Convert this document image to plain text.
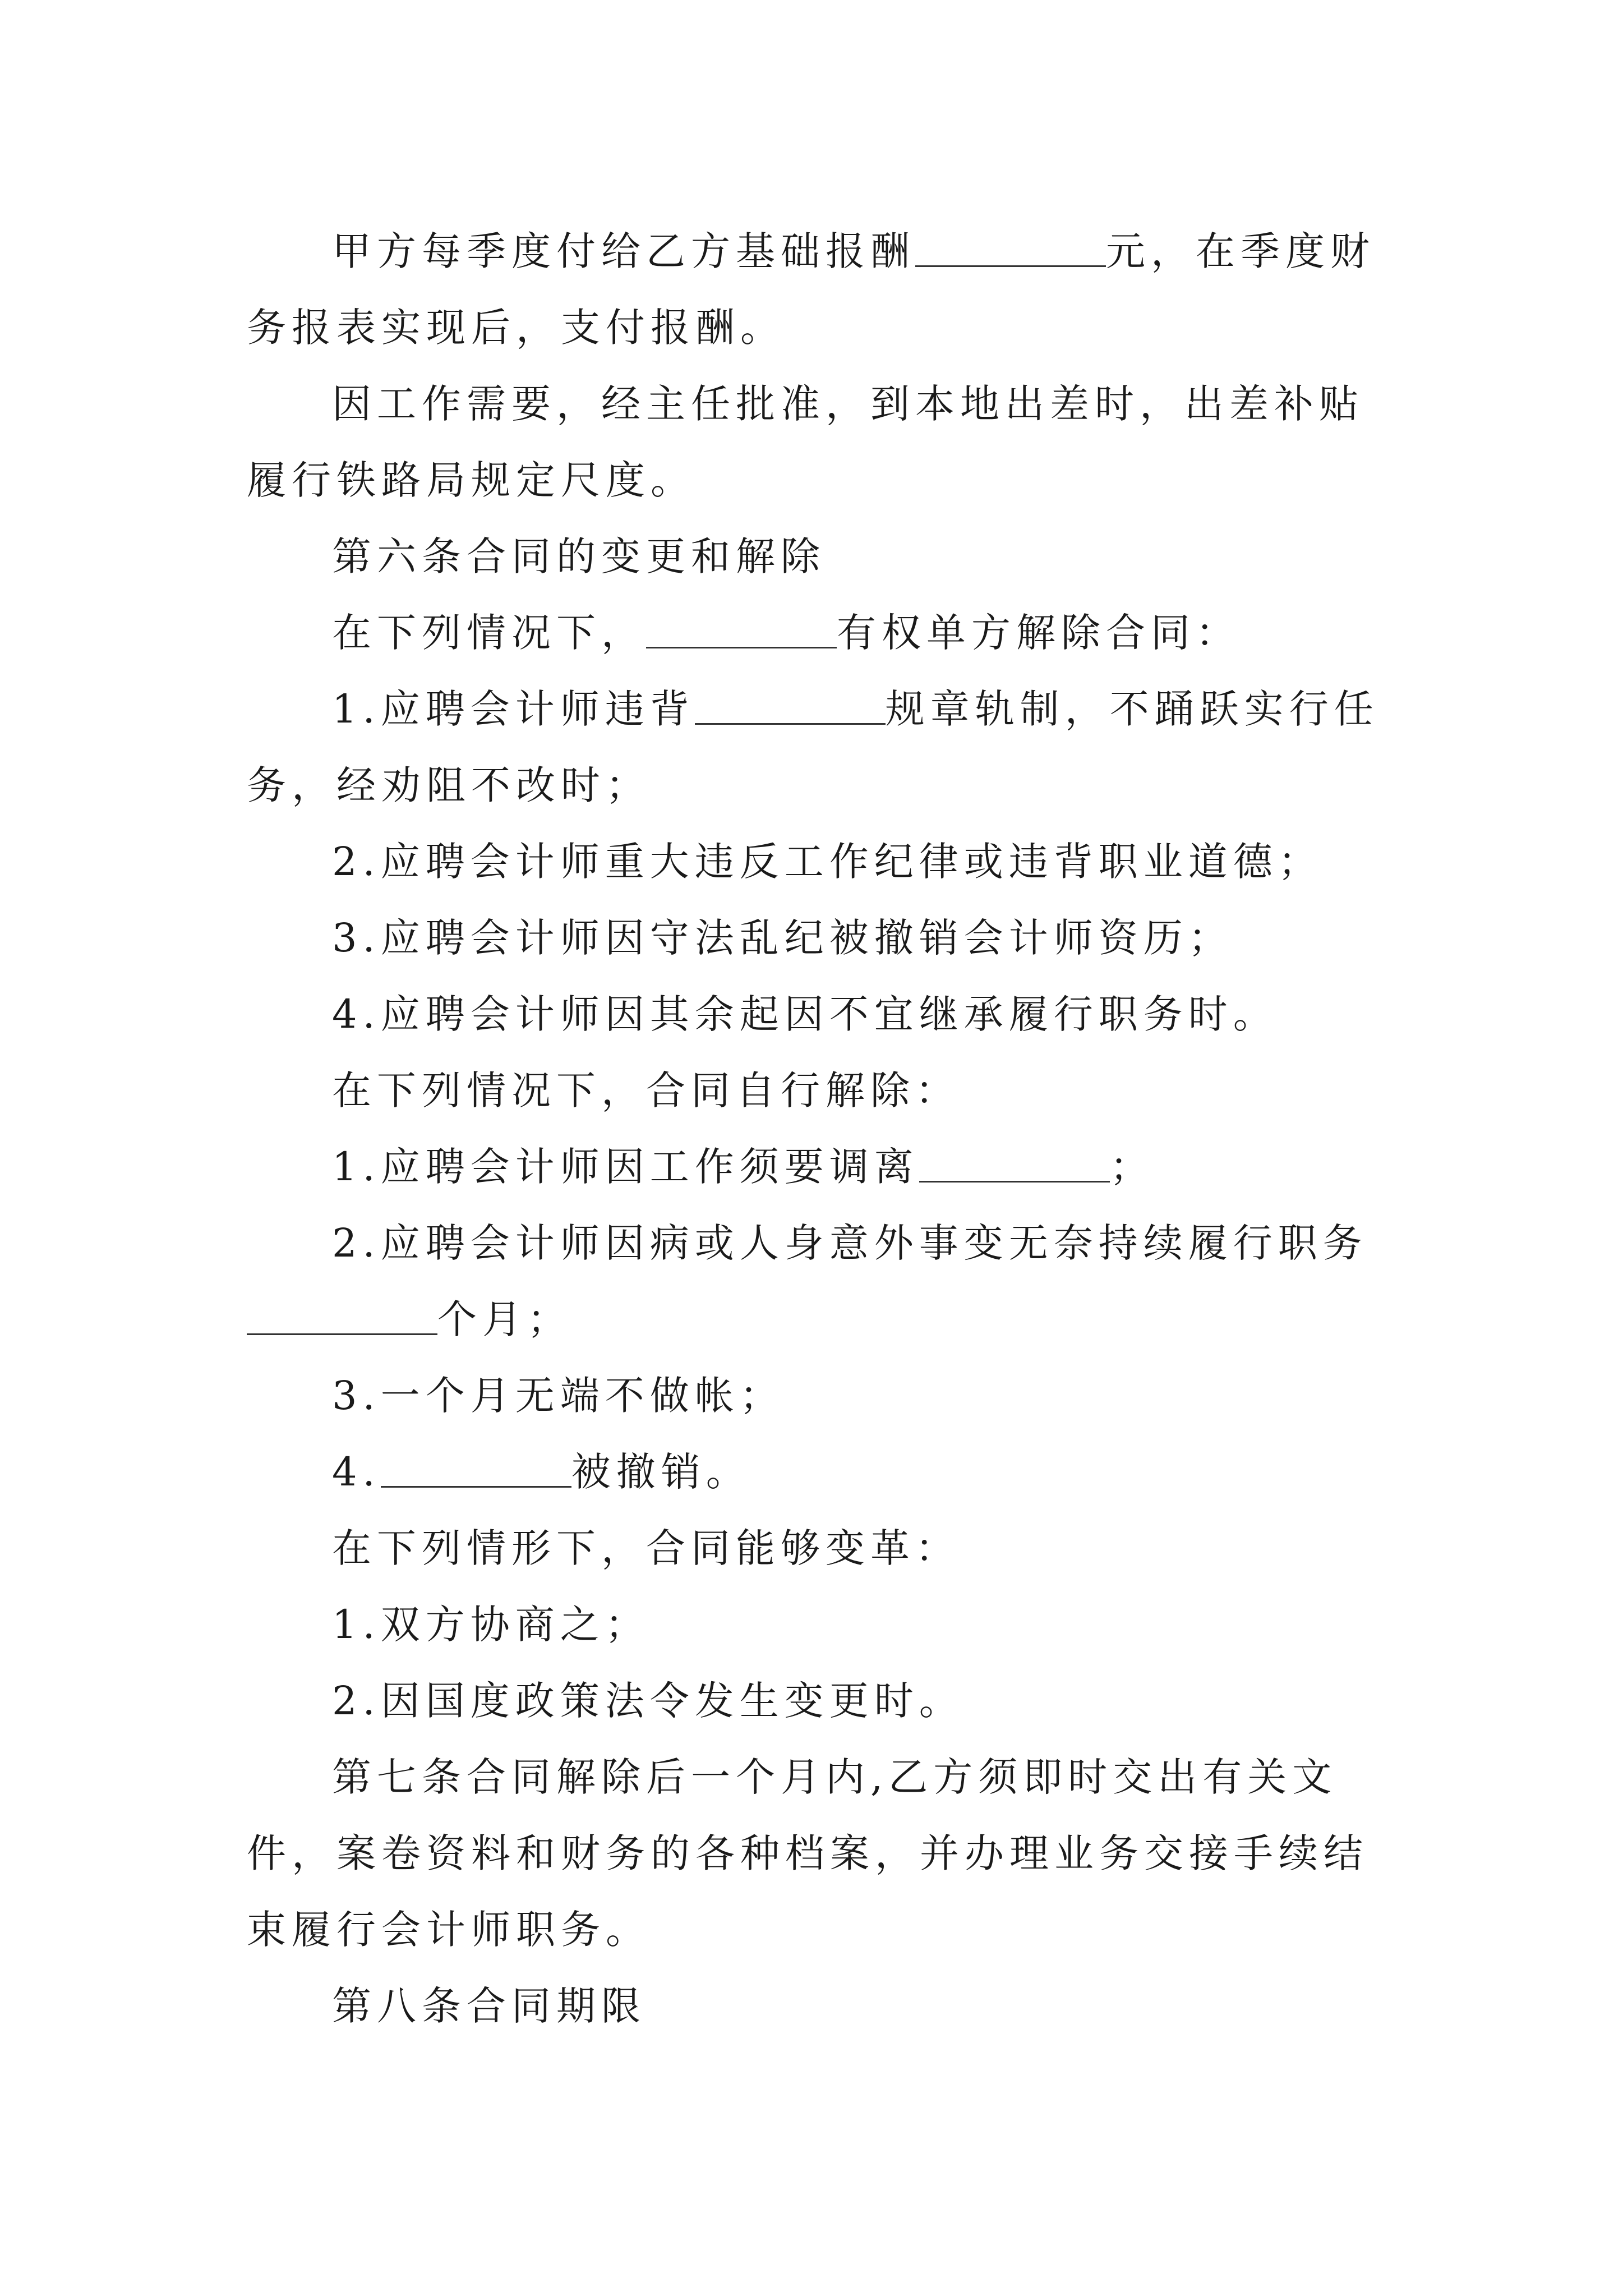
甲方每季度付给乙方基础报酬	元，在季度财务报表实现后，支付报酬。

因工作需要，经主任批准，到本地出差时，出差补贴履行铁路局规定尺度。

第六条合同的变更和解除

在下列情况下，	有权单方解除合同：

1.应聘会计师违背	规章轨制，不踊跃实行任务，经劝阻不改时；

2.应聘会计师重大违反工作纪律或违背职业道德；

3.应聘会计师因守法乱纪被撤销会计师资历；

4.应聘会计师因其余起因不宜继承履行职务时。

在下列情况下，合同自行解除：

1.应聘会计师因工作须要调离	；

2.应聘会计师因病或人身意外事变无奈持续履行职务个月；

3.一个月无端不做帐；

4.	被撤销。

在下列情形下，合同能够变革：

1.双方协商之；

2.因国度政策法令发生变更时。

第七条合同解除后一个月内,乙方须即时交出有关文件，案卷资料和财务的各种档案，并办理业务交接手续结束履行会计师职务。

第八条合同期限
